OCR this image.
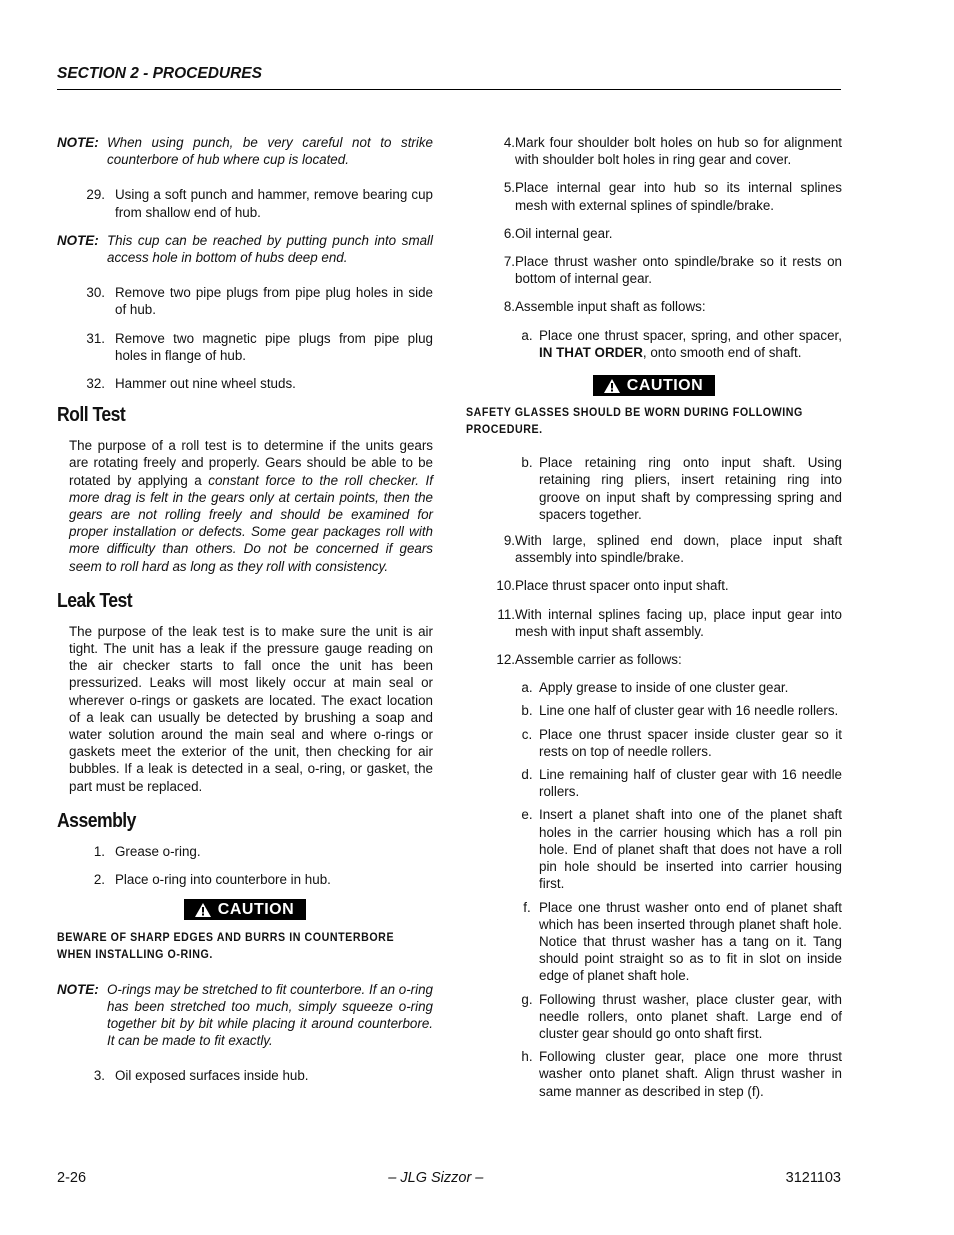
SECTION 2 - PROCEDURES
NOTE: When using punch, be very careful not to strike counterbore of hub where cup is located.
29. Using a soft punch and hammer, remove bearing cup from shallow end of hub.
NOTE: This cup can be reached by putting punch into small access hole in bottom of hubs deep end.
30. Remove two pipe plugs from pipe plug holes in side of hub.
31. Remove two magnetic pipe plugs from pipe plug holes in flange of hub.
32. Hammer out nine wheel studs.
Roll Test
The purpose of a roll test is to determine if the units gears are rotating freely and properly. Gears should be able to be rotated by applying a constant force to the roll checker. If more drag is felt in the gears only at certain points, then the gears are not rolling freely and should be examined for proper installation or defects. Some gear packages roll with more difficulty than others. Do not be concerned if gears seem to roll hard as long as they roll with consistency.
Leak Test
The purpose of the leak test is to make sure the unit is air tight. The unit has a leak if the pressure gauge reading on the air checker starts to fall once the unit has been pressurized. Leaks will most likely occur at main seal or wherever o-rings or gaskets are located. The exact location of a leak can usually be detected by brushing a soap and water solution around the main seal and where o-rings or gaskets meet the exterior of the unit, then checking for air bubbles. If a leak is detected in a seal, o-ring, or gasket, the part must be replaced.
Assembly
1. Grease o-ring.
2. Place o-ring into counterbore in hub.
CAUTION
BEWARE OF SHARP EDGES AND BURRS IN COUNTERBORE WHEN INSTALLING O-RING.
NOTE: O-rings may be stretched to fit counterbore. If an o-ring has been stretched too much, simply squeeze o-ring together bit by bit while placing it around counterbore. It can be made to fit exactly.
3. Oil exposed surfaces inside hub.
4. Mark four shoulder bolt holes on hub so for alignment with shoulder bolt holes in ring gear and cover.
5. Place internal gear into hub so its internal splines mesh with external splines of spindle/brake.
6. Oil internal gear.
7. Place thrust washer onto spindle/brake so it rests on bottom of internal gear.
8. Assemble input shaft as follows:
a. Place one thrust spacer, spring, and other spacer, IN THAT ORDER, onto smooth end of shaft.
CAUTION
SAFETY GLASSES SHOULD BE WORN DURING FOLLOWING PROCEDURE.
b. Place retaining ring onto input shaft. Using retaining ring pliers, insert retaining ring into groove on input shaft by compressing spring and spacers together.
9. With large, splined end down, place input shaft assembly into spindle/brake.
10. Place thrust spacer onto input shaft.
11. With internal splines facing up, place input gear into mesh with input shaft assembly.
12. Assemble carrier as follows:
a. Apply grease to inside of one cluster gear.
b. Line one half of cluster gear with 16 needle rollers.
c. Place one thrust spacer inside cluster gear so it rests on top of needle rollers.
d. Line remaining half of cluster gear with 16 needle rollers.
e. Insert a planet shaft into one of the planet shaft holes in the carrier housing which has a roll pin hole. End of planet shaft that does not have a roll pin hole should be inserted into carrier housing first.
f. Place one thrust washer onto end of planet shaft which has been inserted through planet shaft hole. Notice that thrust washer has a tang on it. Tang should point straight so as to fit in slot on inside edge of planet shaft hole.
g. Following thrust washer, place cluster gear, with needle rollers, onto planet shaft. Large end of cluster gear should go onto shaft first.
h. Following cluster gear, place one more thrust washer onto planet shaft. Align thrust washer in same manner as described in step (f).
2-26	– JLG Sizzor –	3121103
